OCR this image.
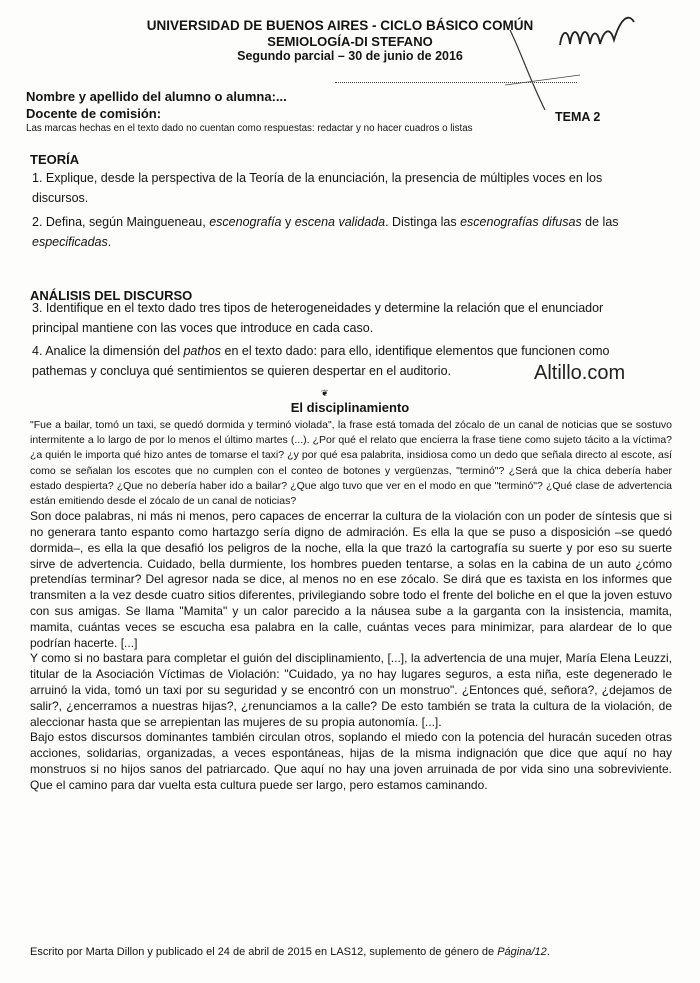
UNIVERSIDAD DE BUENOS AIRES - CICLO BÁSICO COMÚN
SEMIOLOGÍA-DI STEFANO
Segundo parcial – 30 de junio de 2016
Nombre y apellido del alumno o alumna:...
Docente de comisión:
Las marcas hechas en el texto dado no cuentan como respuestas: redactar y no hacer cuadros o listas
TEMA 2
TEORÍA
1. Explique, desde la perspectiva de la Teoría de la enunciación, la presencia de múltiples voces en los discursos.
2. Defina, según Maingueneau, escenografía y escena validada. Distinga las escenografías difusas de las especificadas.
ANÁLISIS DEL DISCURSO
3. Identifique en el texto dado tres tipos de heterogeneidades y determine la relación que el enunciador principal mantiene con las voces que introduce en cada caso.
4. Analice la dimensión del pathos en el texto dado: para ello, identifique elementos que funcionen como pathemas y concluya qué sentimientos se quieren despertar en el auditorio.	Altillo.com
❦
El disciplinamiento

"Fue a bailar, tomó un taxi, se quedó dormida y terminó violada", la frase está tomada del zócalo de un canal de noticias que se sostuvo intermitente a lo largo de por lo menos el último martes (...). ¿Por qué el relato que encierra la frase tiene como sujeto tácito a la víctima? ¿a quién le importa qué hizo antes de tomarse el taxi? ¿y por qué esa palabrita, insidiosa como un dedo que señala directo al escote, así como se señalan los escotes que no cumplen con el conteo de botones y vergüenzas, "terminó"? ¿Será que la chica debería haber estado despierta? ¿Que no debería haber ido a bailar? ¿Que algo tuvo que ver en el modo en que "terminó"? ¿Qué clase de advertencia están emitiendo desde el zócalo de un canal de noticias?

Son doce palabras, ni más ni menos, pero capaces de encerrar la cultura de la violación con un poder de síntesis que si no generara tanto espanto como hartazgo sería digno de admiración. Es ella la que se puso a disposición –se quedó dormida–, es ella la que desafió los peligros de la noche, ella la que trazó la cartografía su suerte y por eso su suerte sirve de advertencia. Cuidado, bella durmiente, los hombres pueden tentarse, a solas en la cabina de un auto ¿cómo pretendías terminar? Del agresor nada se dice, al menos no en ese zócalo. Se dirá que es taxista en los informes que transmiten a la vez desde cuatro sitios diferentes, privilegiando sobre todo el frente del boliche en el que la joven estuvo con sus amigas. Se llama "Mamita" y un calor parecido a la náusea sube a la garganta con la insistencia, mamita, mamita, cuántas veces se escucha esa palabra en la calle, cuántas veces para minimizar, para alardear de lo que podrían hacerte. [...]

Y como si no bastara para completar el guión del disciplinamiento, [...], la advertencia de una mujer, María Elena Leuzzi, titular de la Asociación Víctimas de Violación: "Cuidado, ya no hay lugares seguros, a esta niña, este degenerado le arruinó la vida, tomó un taxi por su seguridad y se encontró con un monstruo". ¿Entonces qué, señora?, ¿dejamos de salir?, ¿encerramos a nuestras hijas?, ¿renunciamos a la calle? De esto también se trata la cultura de la violación, de aleccionar hasta que se arrepientan las mujeres de su propia autonomía. [...].

Bajo estos discursos dominantes también circulan otros, soplando el miedo con la potencia del huracán suceden otras acciones, solidarias, organizadas, a veces espontáneas, hijas de la misma indignación que dice que aquí no hay monstruos si no hijos sanos del patriarcado. Que aquí no hay una joven arruinada de por vida sino una sobreviviente. Que el camino para dar vuelta esta cultura puede ser largo, pero estamos caminando.

Escrito por Marta Dillon y publicado el 24 de abril de 2015 en LAS12, suplemento de género de Página/12.
